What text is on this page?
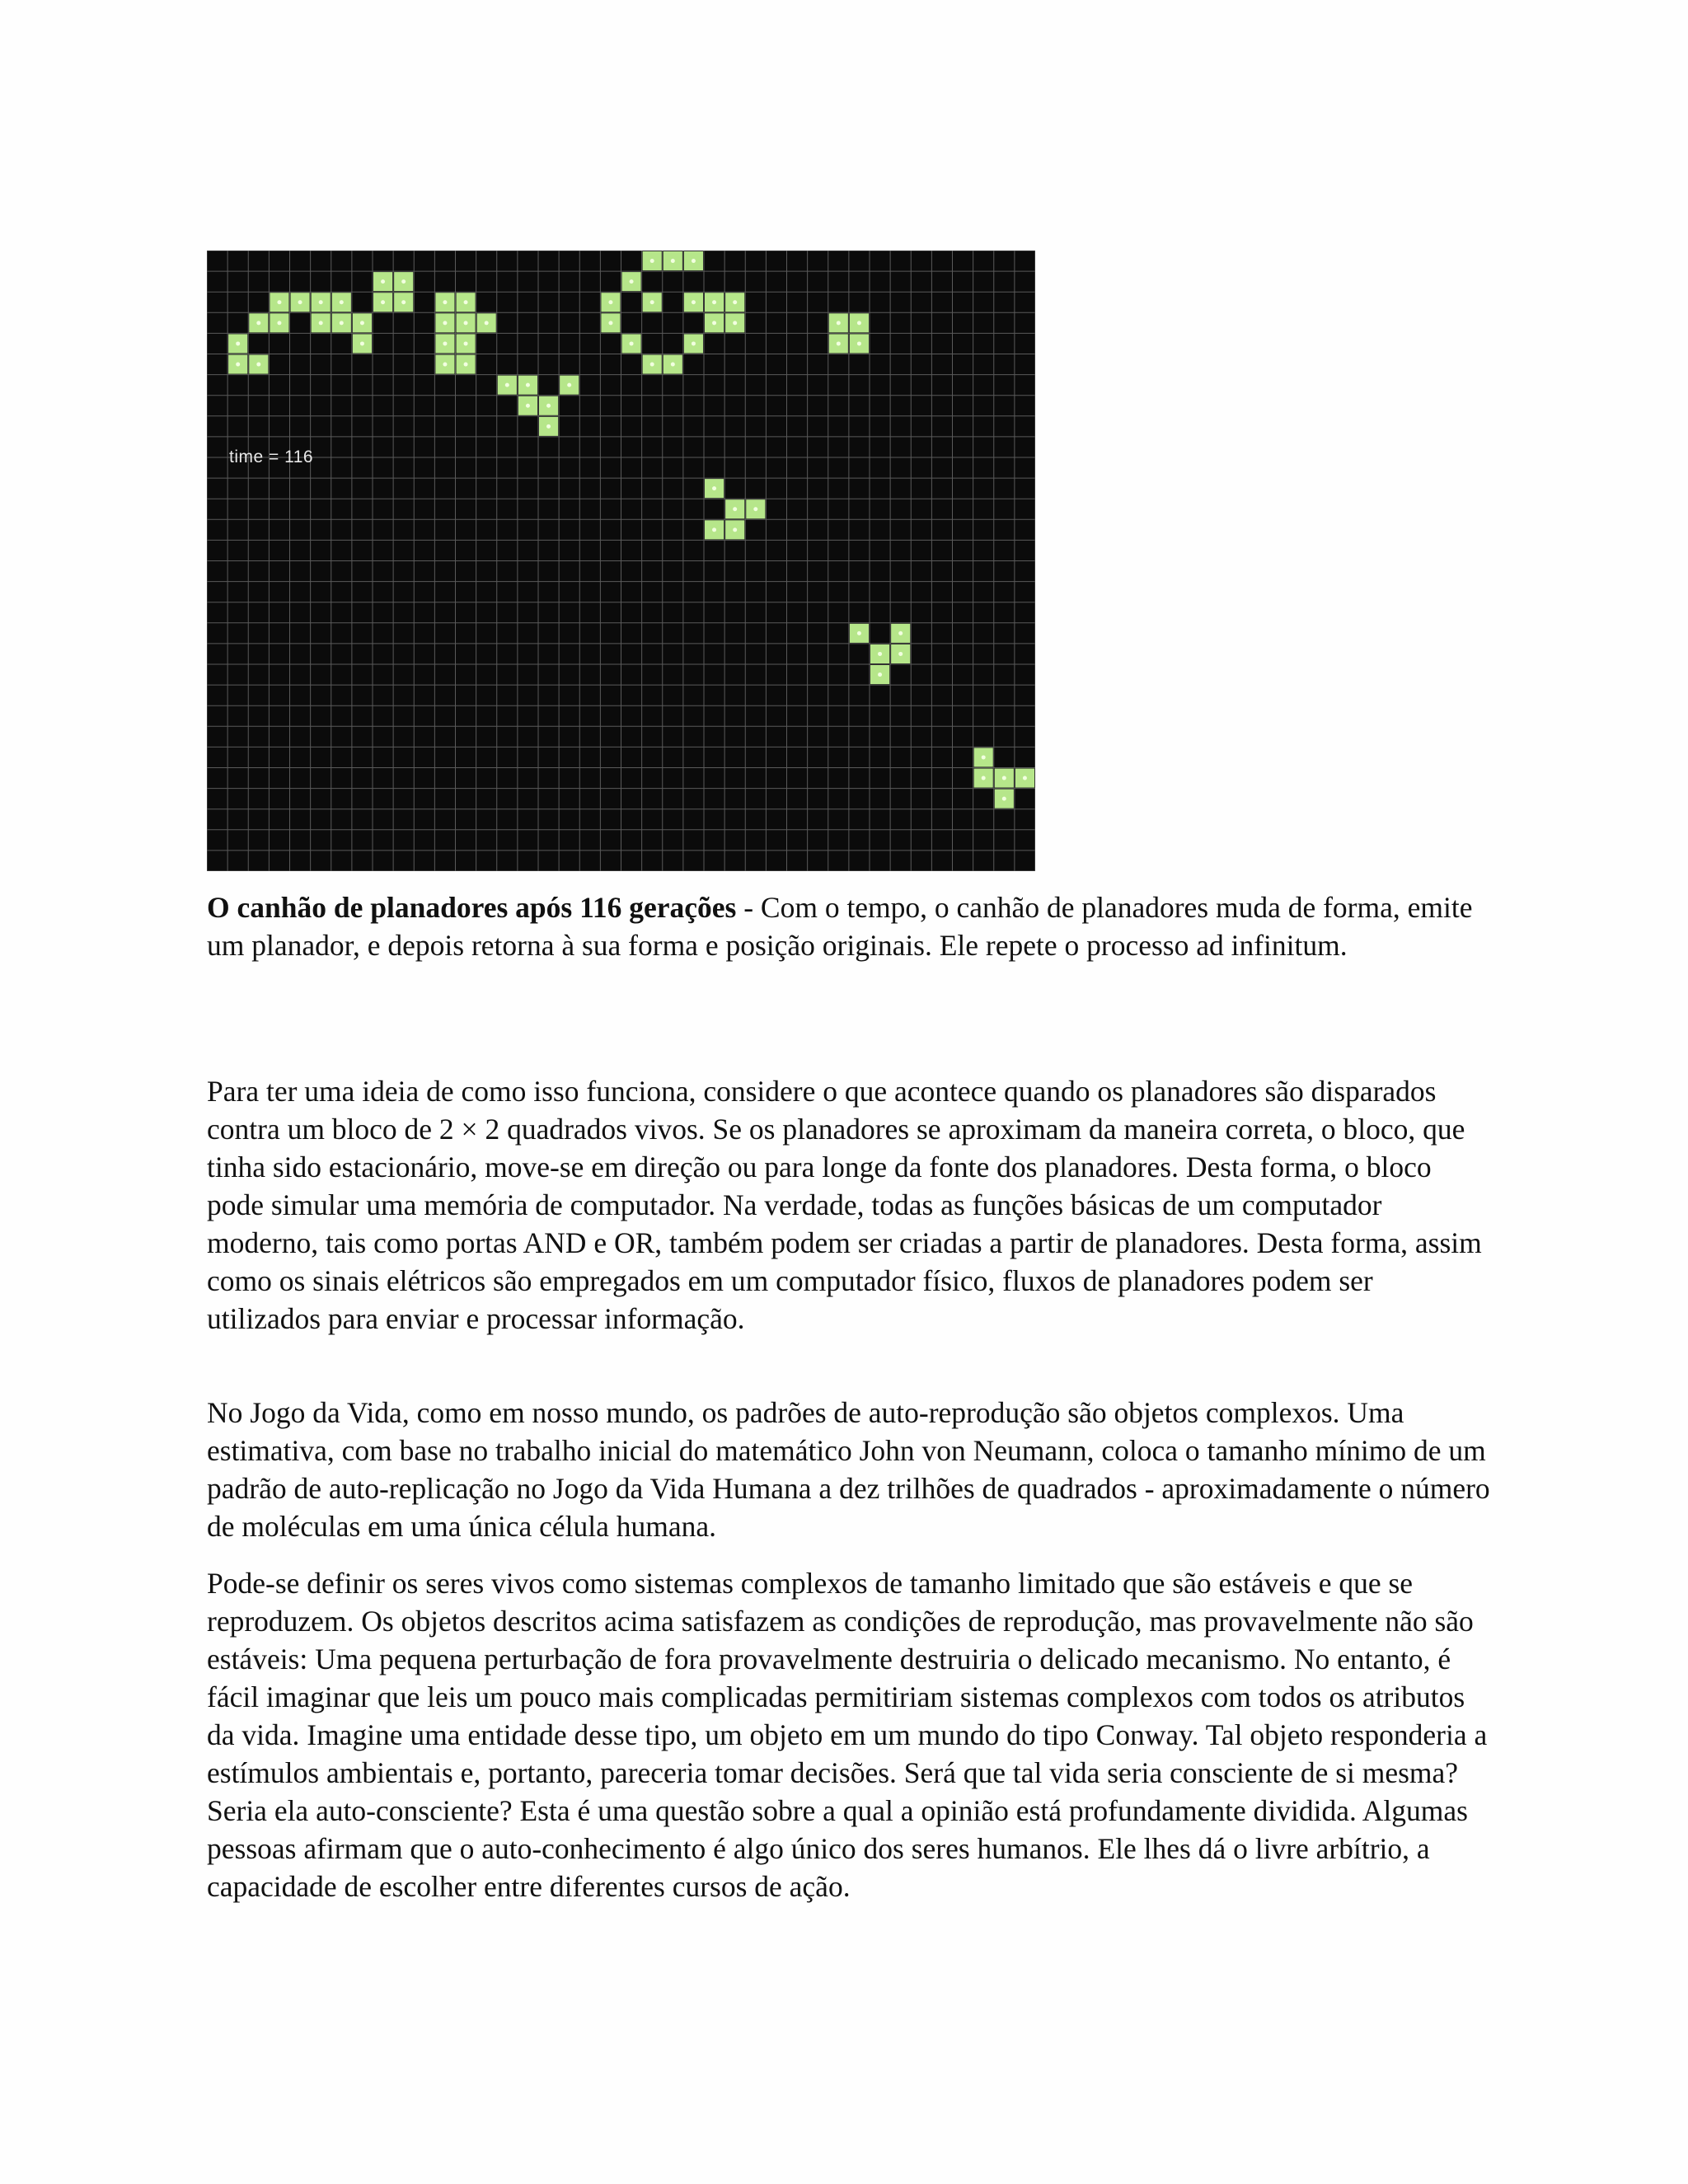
time = 116

O canhão de planadores após 116 gerações - Com o tempo, o canhão de planadores muda de forma, emite um planador, e depois retorna à sua forma e posição originais. Ele repete o processo ad infinitum.

Para ter uma ideia de como isso funciona, considere o que acontece quando os planadores são disparados contra um bloco de 2 × 2 quadrados vivos. Se os planadores se aproximam da maneira correta, o bloco, que tinha sido estacionário, move-se em direção ou para longe da fonte dos planadores. Desta forma, o bloco pode simular uma memória de computador. Na verdade, todas as funções básicas de um computador moderno, tais como portas AND e OR, também podem ser criadas a partir de planadores. Desta forma, assim como os sinais elétricos são empregados em um computador físico, fluxos de planadores podem ser utilizados para enviar e processar informação.

No Jogo da Vida, como em nosso mundo, os padrões de auto-reprodução são objetos complexos. Uma estimativa, com base no trabalho inicial do matemático John von Neumann, coloca o tamanho mínimo de um padrão de auto-replicação no Jogo da Vida Humana a dez trilhões de quadrados - aproximadamente o número de moléculas em uma única célula humana.

Pode-se definir os seres vivos como sistemas complexos de tamanho limitado que são estáveis e que se reproduzem. Os objetos descritos acima satisfazem as condições de reprodução, mas provavelmente não são estáveis: Uma pequena perturbação de fora provavelmente destruiria o delicado mecanismo. No entanto, é fácil imaginar que leis um pouco mais complicadas permitiriam sistemas complexos com todos os atributos da vida. Imagine uma entidade desse tipo, um objeto em um mundo do tipo Conway. Tal objeto responderia a estímulos ambientais e, portanto, pareceria tomar decisões. Será que tal vida seria consciente de si mesma? Seria ela auto-consciente? Esta é uma questão sobre a qual a opinião está profundamente dividida. Algumas pessoas afirmam que o auto-conhecimento é algo único dos seres humanos. Ele lhes dá o livre arbítrio, a capacidade de escolher entre diferentes cursos de ação.
